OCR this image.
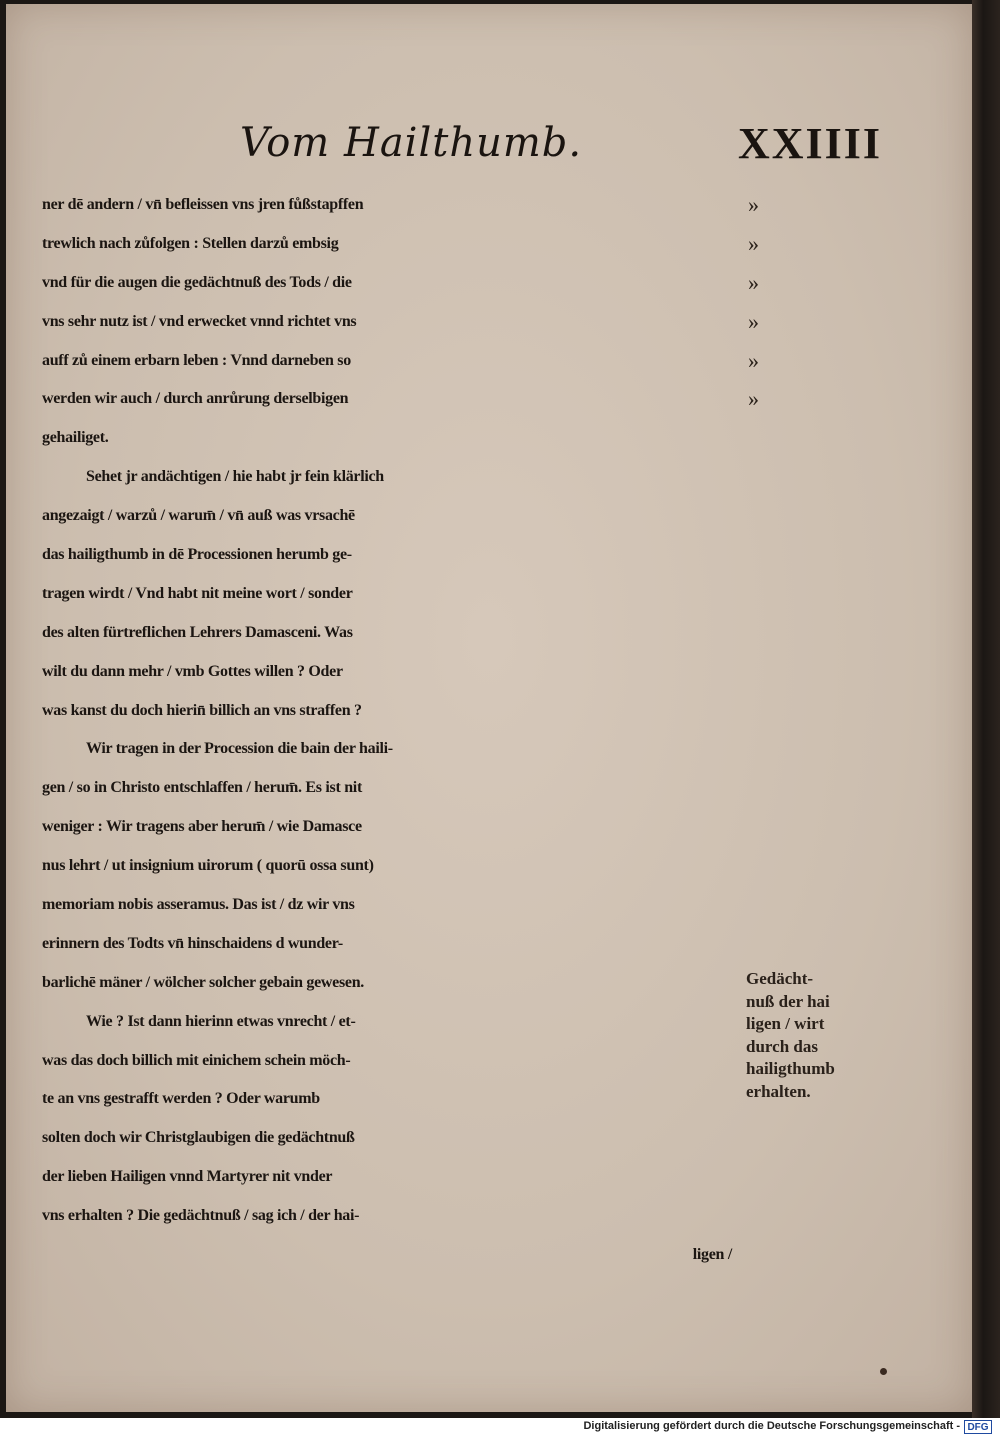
Vom Hailthumb.	XXIIII
ner dē andern / vn̄ befleissen vns jren fůßstapffen
trewlich nach zůfolgen : Stellen darzů embsig
vnd für die augen die gedächtnuß des Tods / die
vns sehr nutz ist / vnd erwecket vnnd richtet vns
auff zů einem erbarn leben : Vnnd darneben so
werden wir auch / durch anrůrung derselbigen
gehailiget.
Sehet jr andächtigen / hie habt jr fein klärlich
angezaigt / warzů / warum̄ / vn̄ auß was vrsachē
das hailigthumb in dē Processionen herumb ge-
tragen wirdt / Vnd habt nit meine wort / sonder
des alten fürtreflichen Lehrers Damasceni. Was
wilt du dann mehr / vmb Gottes willen ? Oder
was kanst du doch hierin̄ billich an vns straffen ?
Wir tragen in der Procession die bain der haili-
gen / so in Christo entschlaffen / herum̄. Es ist nit
weniger : Wir tragens aber herum̄ / wie Damasce
nus lehrt / ut insignium uirorum ( quorū ossa sunt)
memoriam nobis asseramus. Das ist / dz wir vns
erinnern des Todts vn̄ hinschaidens d wunder-
barlichē mäner / wölcher solcher gebain gewesen.
Wie ? Ist dann hierinn etwas vnrecht / et-
was das doch billich mit einichem schein möch-
te an vns gestrafft werden ? Oder warumb
solten doch wir Christglaubigen die gedächtnuß
der lieben Hailigen vnnd Martyrer nit vnder
vns erhalten ? Die gedächtnuß / sag ich / der hai-
ligen /
»
»
»
»
»
»
Gedächt-
nuß der hai
ligen / wirt
durch das
hailigthumb
erhalten.
Digitalisierung gefördert durch die Deutsche Forschungsgemeinschaft - DFG
